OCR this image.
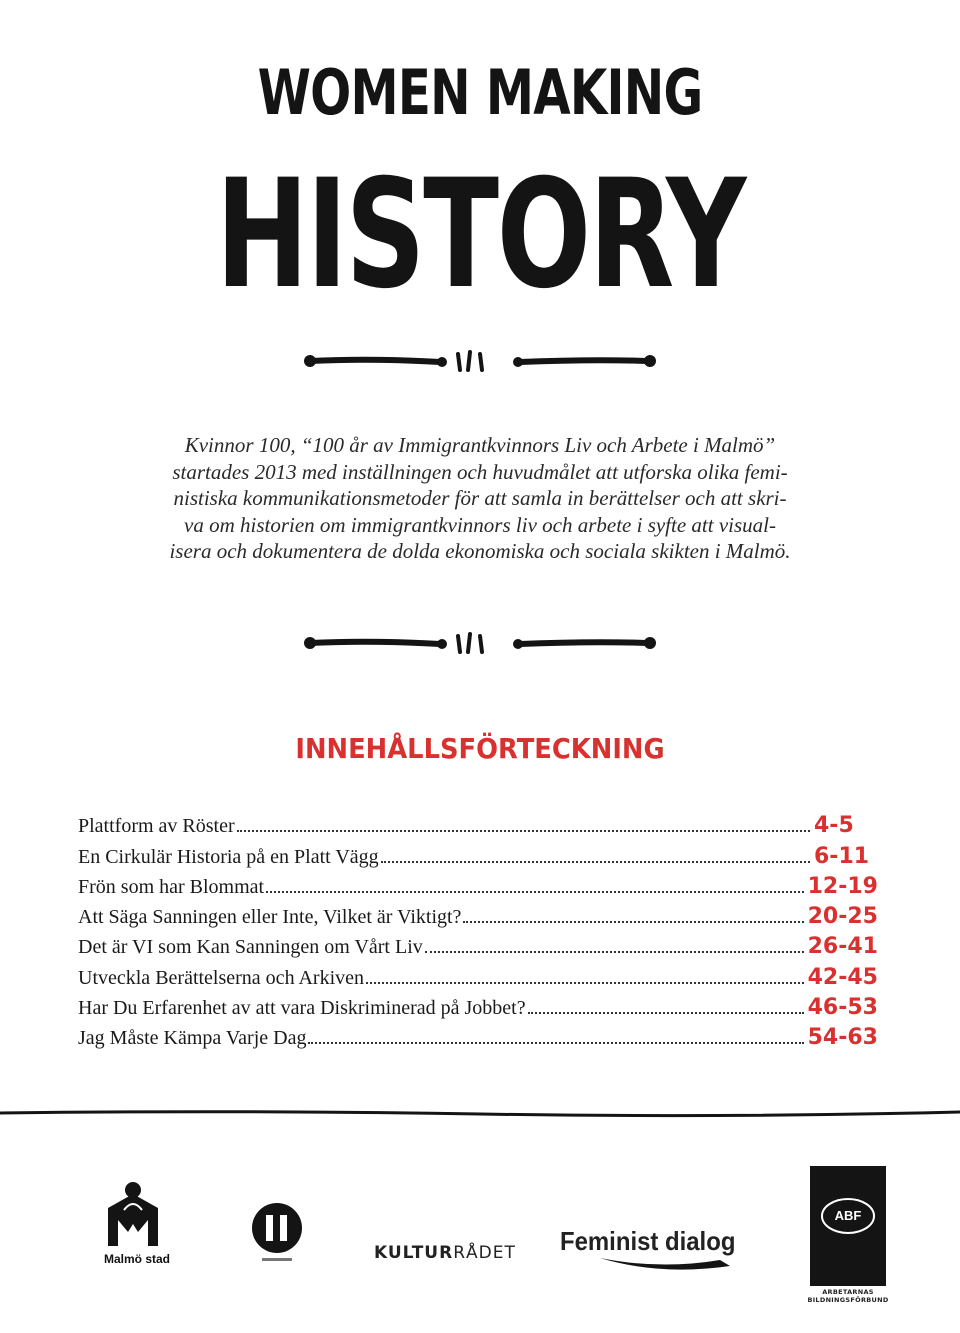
WOMEN MAKING
HISTORY
Kvinnor 100, “100 år av Immigrantkvinnors Liv och Arbete i Malmö”
startades 2013 med inställningen och huvudmålet att utforska olika femi-
nistiska kommunikationsmetoder för att samla in berättelser och att skri-
va om historien om immigrantkvinnors liv och arbete i syfte att visual-
isera och dokumentera de dolda ekonomiska och sociala skikten i Malmö.
INNEHÅLLSFÖRTECKNING
Plattform av Röster	4-5
En Cirkulär Historia på en Platt Vägg	6-11
Frön som har Blommat	12-19
Att Säga Sanningen eller Inte, Vilket är Viktigt?	20-25
Det är VI som Kan Sanningen om Vårt Liv	26-41
Utveckla Berättelserna och Arkiven	42-45
Har Du Erfarenhet av att vara Diskriminerad på Jobbet?	46-53
Jag Måste Kämpa Varje Dag	54-63
Malmö stad	KULTURRÅDET Feminist dialog
ABF
ARBETARNAS BILDNINGSFÖRBUND
